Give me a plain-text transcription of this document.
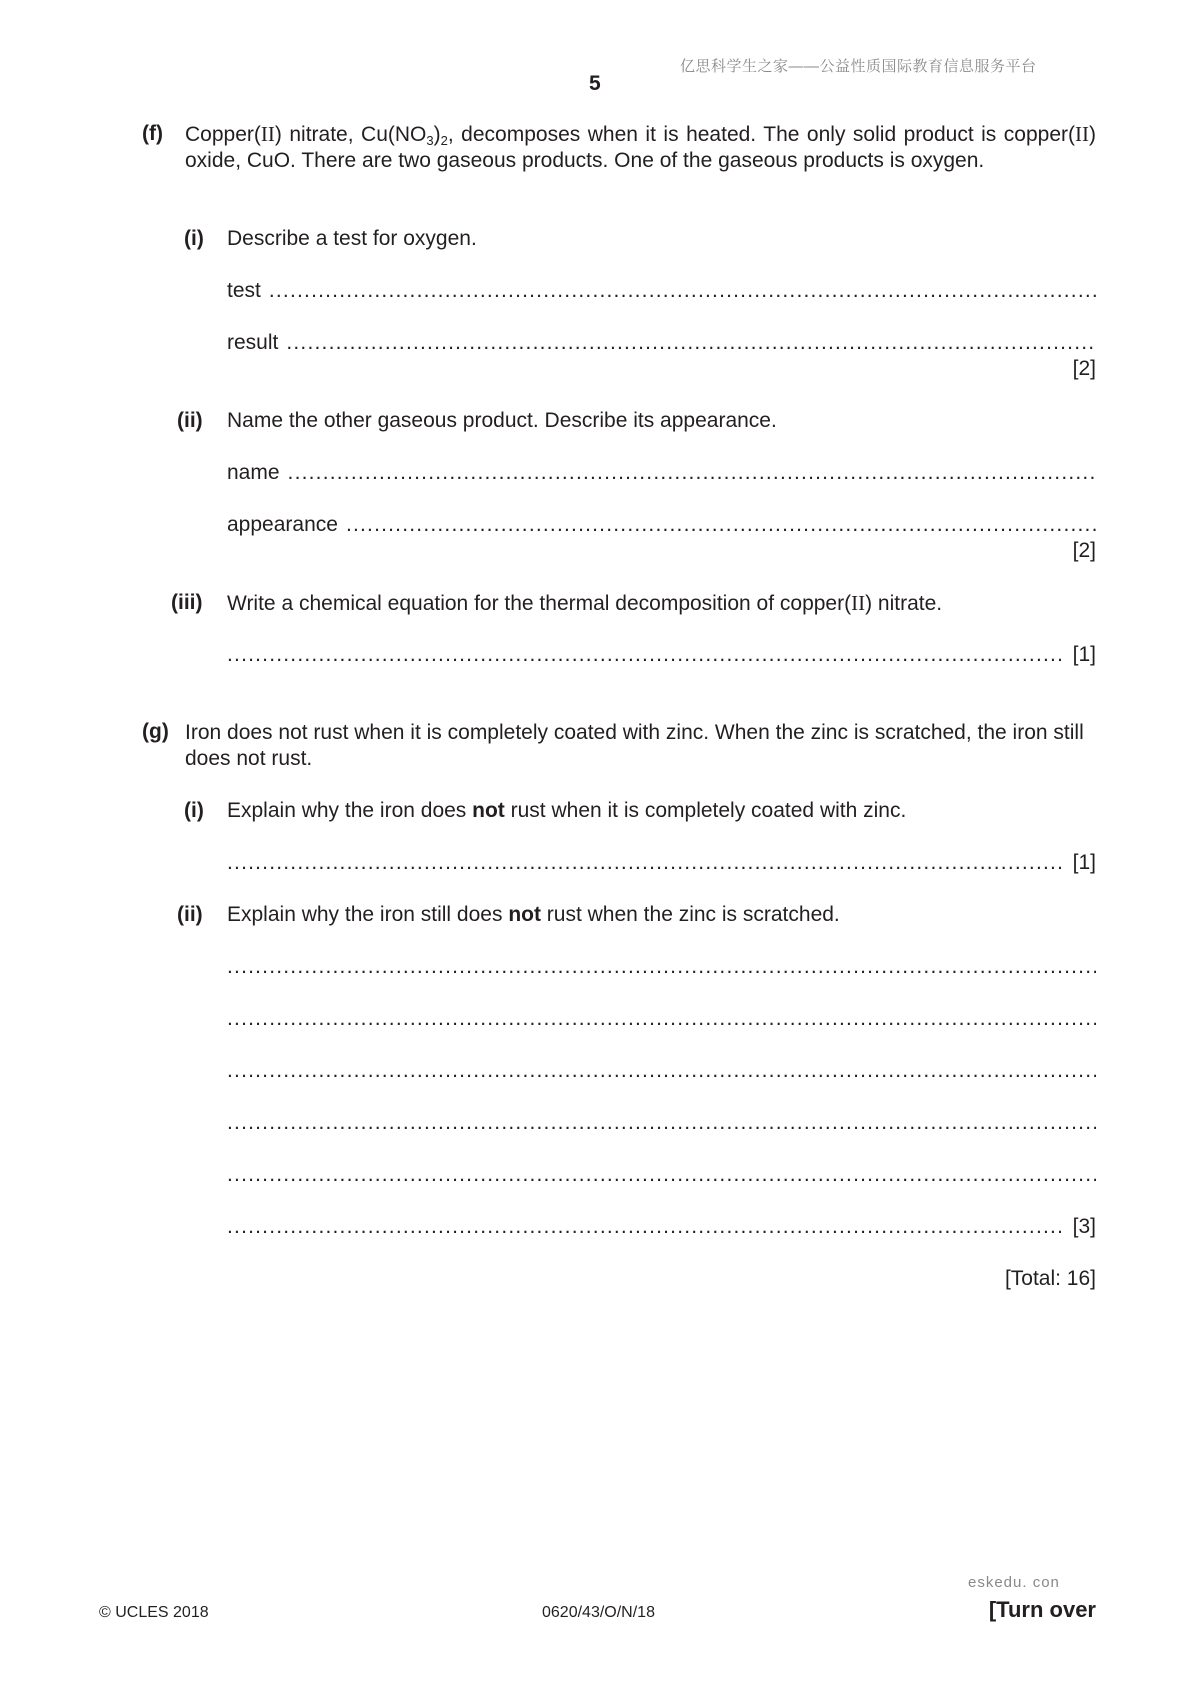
亿思科学生之家——公益性质国际教育信息服务平台
5
(f) Copper(II) nitrate, $Cu(NO_3)_2$, decomposes when it is heated. The only solid product is copper(II) oxide, CuO. There are two gaseous products. One of the gaseous products is oxygen.
(i) Describe a test for oxygen.
test
.....
result
.....
[2]
(ii) Name the other gaseous product. Describe its appearance.
name
.....
appearance
.....
[2]
(iii) Write a chemical equation for the thermal decomposition of copper(II) nitrate.
.....
[1]
(g) Iron does not rust when it is completely coated with zinc. When the zinc is scratched, the iron still does not rust.
(i) Explain why the iron does not rust when it is completely coated with zinc.
.....
[1]
(ii) Explain why the iron still does not rust when the zinc is scratched.
.....
.....
.....
.....
.....
.....
[3]
[Total: 16]
eskedu. con
© UCLES 2018	0620/43/O/N/18	[Turn over
